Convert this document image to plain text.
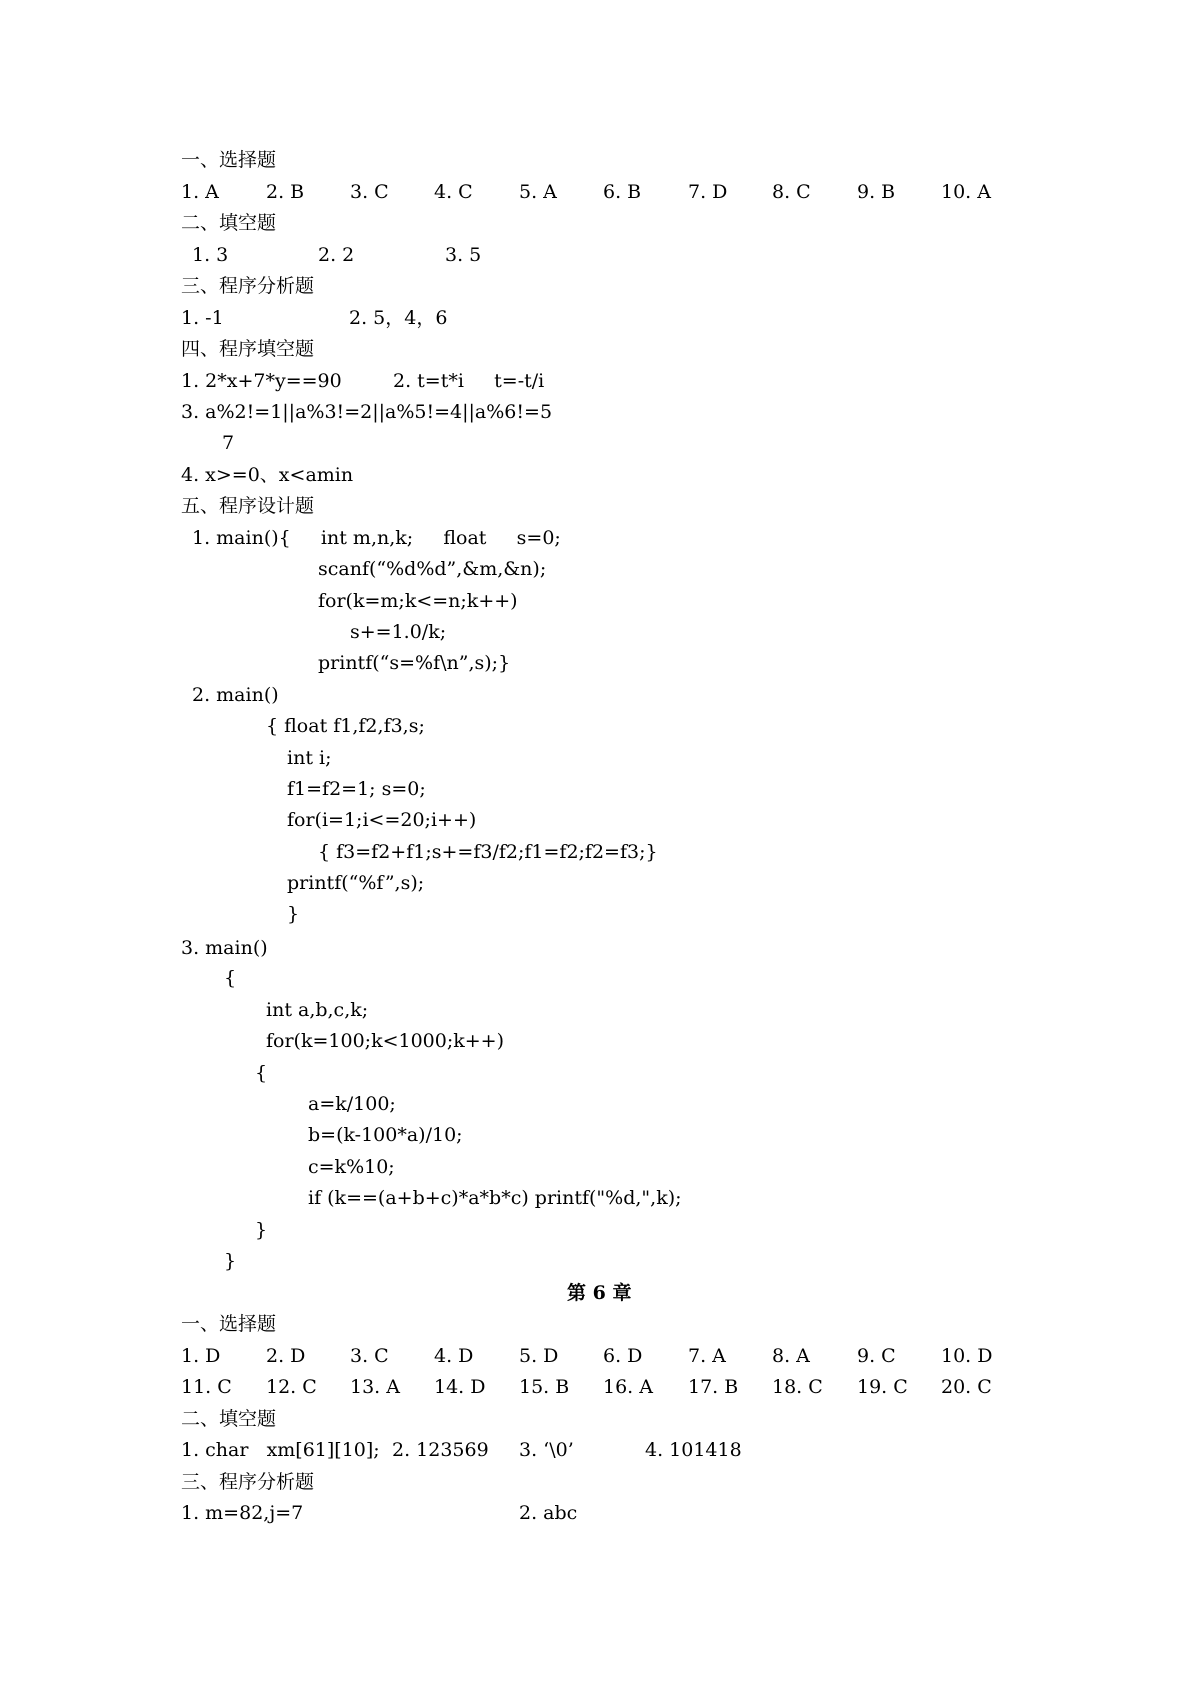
一、选择题
1. A 2. B 3. C 4. C 5. A 6. B 7. D 8. C 9. B 10. A
二、填空题
1. 3	2. 2	3. 5
三、程序分析题
1. -1	2. 5，4，6
四、程序填空题
1. 2*x+7*y==90	2. t=t*i     t=-t/i
3. a%2!=1||a%3!=2||a%5!=4||a%6!=5
7
4. x>=0、x<amin
五、程序设计题
1. main(){     int m,n,k;     float     s=0;
scanf(“%d%d”,&m,&n);
for(k=m;k<=n;k++)
s+=1.0/k;
printf(“s=%f\n”,s);}
2. main()
{ float f1,f2,f3,s;
int i;
f1=f2=1; s=0;
for(i=1;i<=20;i++)
{ f3=f2+f1;s+=f3/f2;f1=f2;f2=f3;}
printf(“%f”,s);
}
3. main()
{
int a,b,c,k;
for(k=100;k<1000;k++)
{
a=k/100;
b=(k-100*a)/10;
c=k%10;
if (k==(a+b+c)*a*b*c) printf("%d,",k);
}
}
第 6 章
一、选择题
1. D 2. D 3. C 4. D 5. D 6. D 7. A 8. A 9. C 10. D
11. C 12. C 13. A 14. D 15. B 16. A 17. B 18. C 19. C 20. C
二、填空题
1. char   xm[61][10]; 2. 123569 3. ‘\0’	4. 101418
三、程序分析题
1. m=82,j=7	2. abc
